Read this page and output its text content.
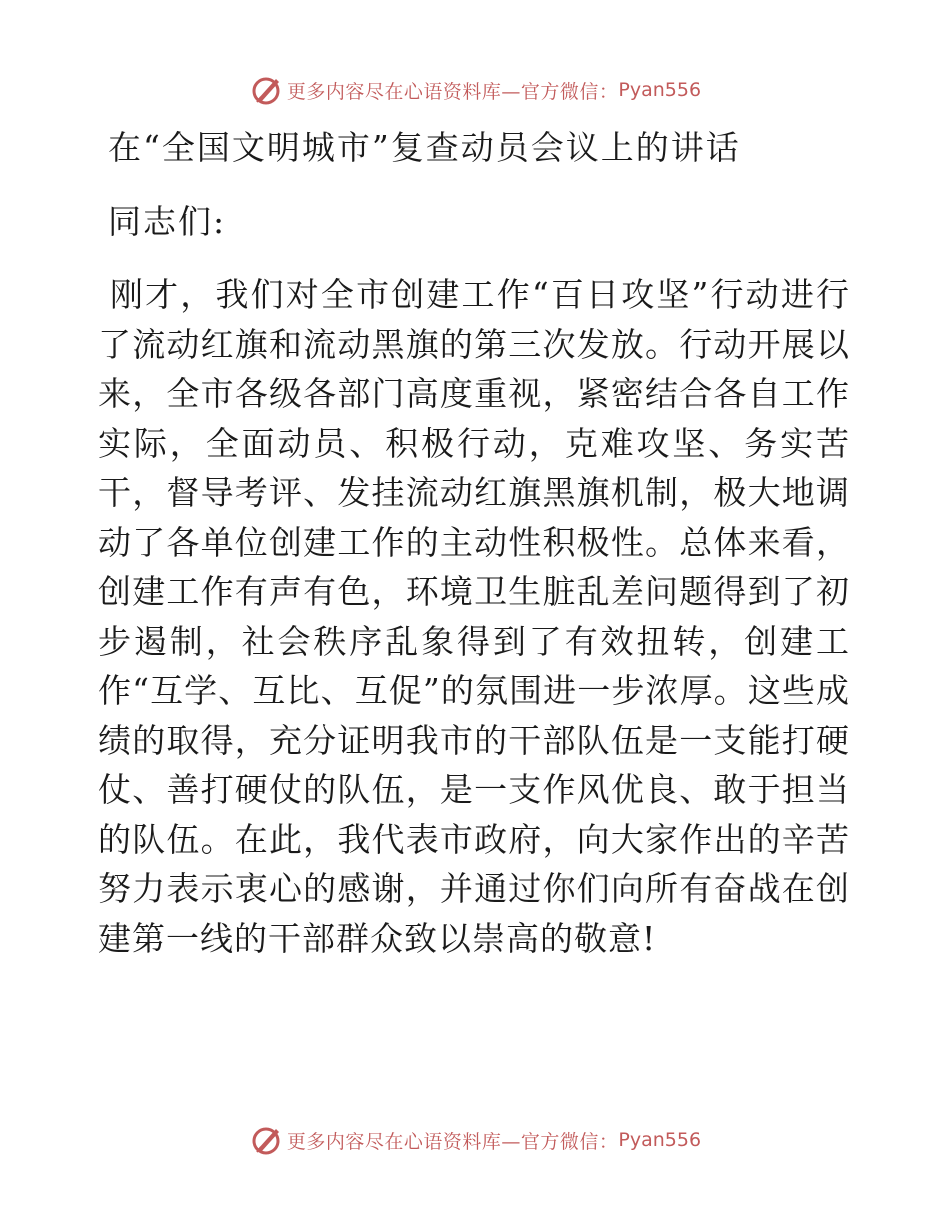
更多内容尽在心语资料库—官方微信： Pyan556
在“全国文明城市”复查动员会议上的讲话
同志们:
刚才，我们对全市创建工作“百日攻坚”行动进行了流动红旗和流动黑旗的第三次发放。行动开展以来，全市各级各部门高度重视，紧密结合各自工作实际，全面动员、积极行动，克难攻坚、务实苦干，督导考评、发挂流动红旗黑旗机制，极大地调动了各单位创建工作的主动性积极性。总体来看，创建工作有声有色，环境卫生脏乱差问题得到了初步遏制，社会秩序乱象得到了有效扭转，创建工作“互学、互比、互促”的氛围进一步浓厚。这些成绩的取得，充分证明我市的干部队伍是一支能打硬仗、善打硬仗的队伍，是一支作风优良、敢于担当的队伍。在此，我代表市政府，向大家作出的辛苦努力表示衷心的感谢，并通过你们向所有奋战在创建第一线的干部群众致以崇高的敬意!
更多内容尽在心语资料库—官方微信： Pyan556
